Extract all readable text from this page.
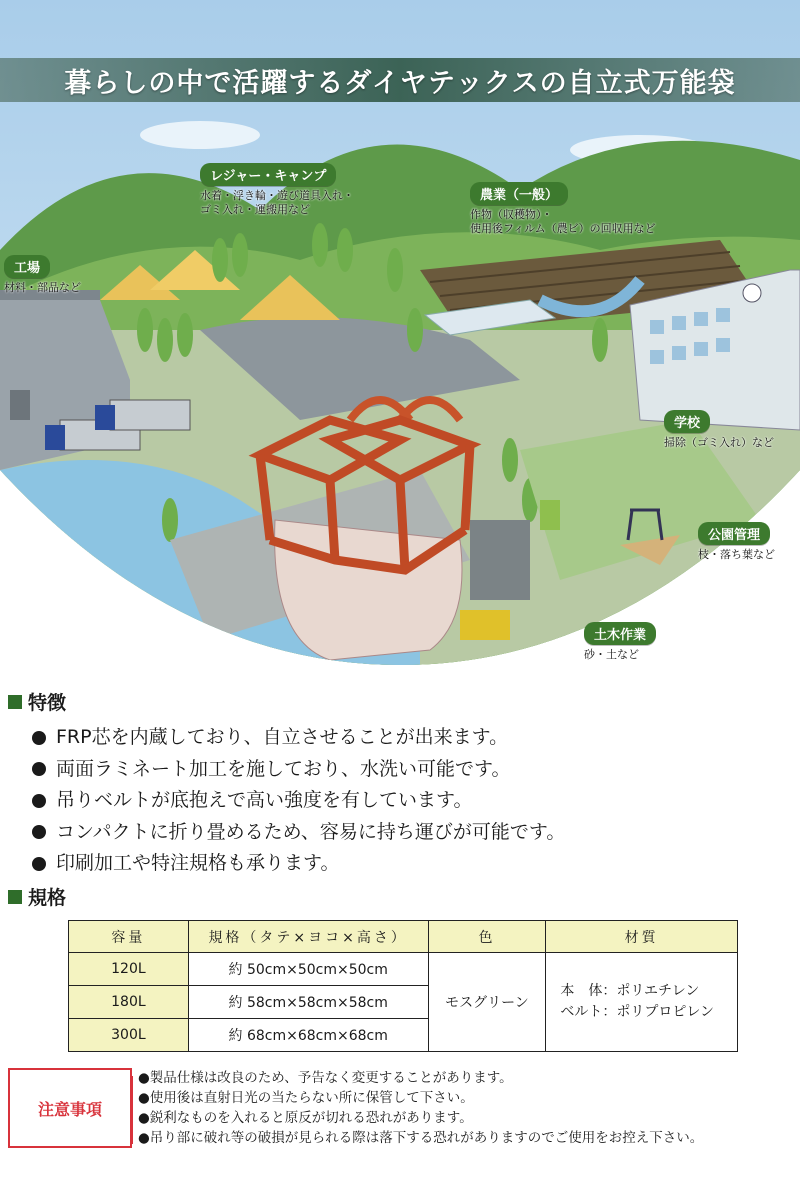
暮らしの中で活躍するダイヤテックスの自立式万能袋
レジャー・キャンプ
水着・浮き輪・遊び道具入れ・
ゴミ入れ・運搬用など
農業（一般）
作物（収穫物）・
使用後フィルム（農ビ）の回収用など
工場
材料・部品など
学校
掃除（ゴミ入れ）など
公園管理
枝・落ち葉など
土木作業
砂・土など
特徴
FRP芯を内蔵しており、自立させることが出来ます。
両面ラミネート加工を施しており、水洗い可能です。
吊りベルトが底抱えで高い強度を有しています。
コンパクトに折り畳めるため、容易に持ち運びが可能です。
印刷加工や特注規格も承ります。
規格
容量	規格（タテ×ヨコ×高さ）	色	材質
120L	約 50cm×50cm×50cm	モスグリーン	本　体：ポリエチレン
ベルト：ポリプロピレン

180L	約 58cm×58cm×58cm		
300L	約 68cm×68cm×68cm		
注意事項
●製品仕様は改良のため、予告なく変更することがあります。
●使用後は直射日光の当たらない所に保管して下さい。
●鋭利なものを入れると原反が切れる恐れがあります。
●吊り部に破れ等の破損が見られる際は落下する恐れがありますのでご使用をお控え下さい。
